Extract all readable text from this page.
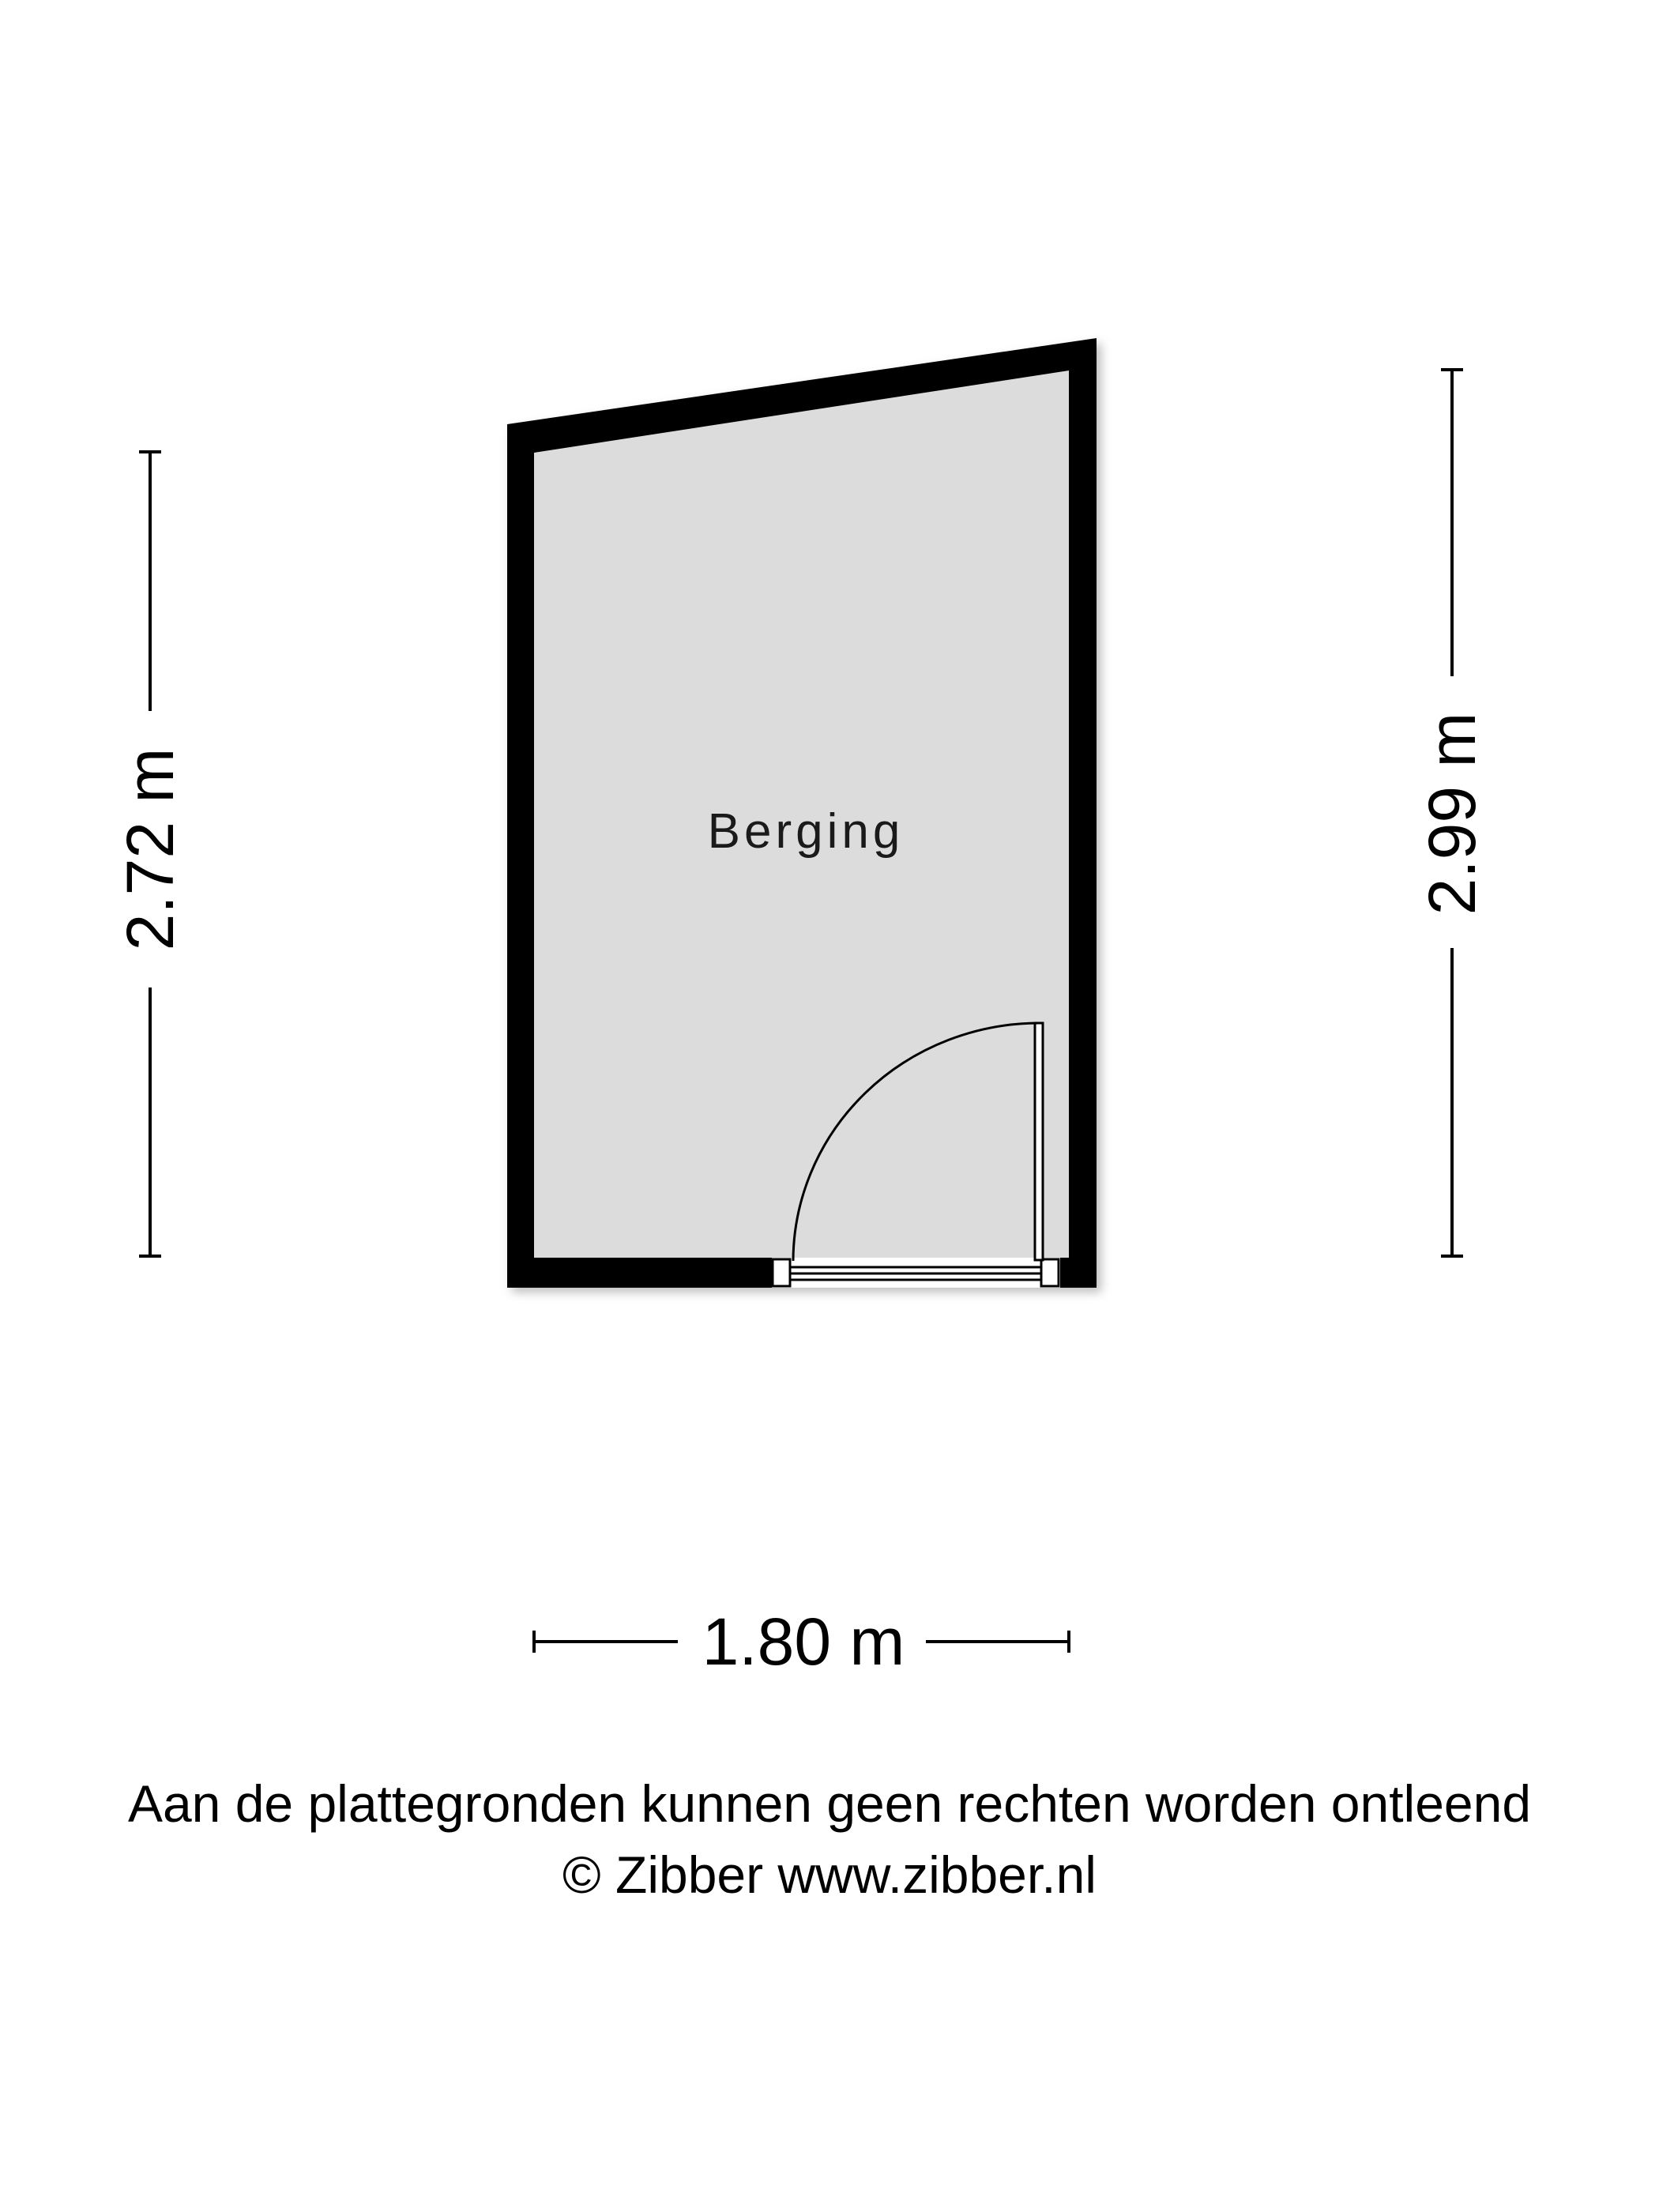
Berging
2.72 m	2.99 m
1.80 m
Aan de plattegronden kunnen geen rechten worden ontleend
© Zibber www.zibber.nl
